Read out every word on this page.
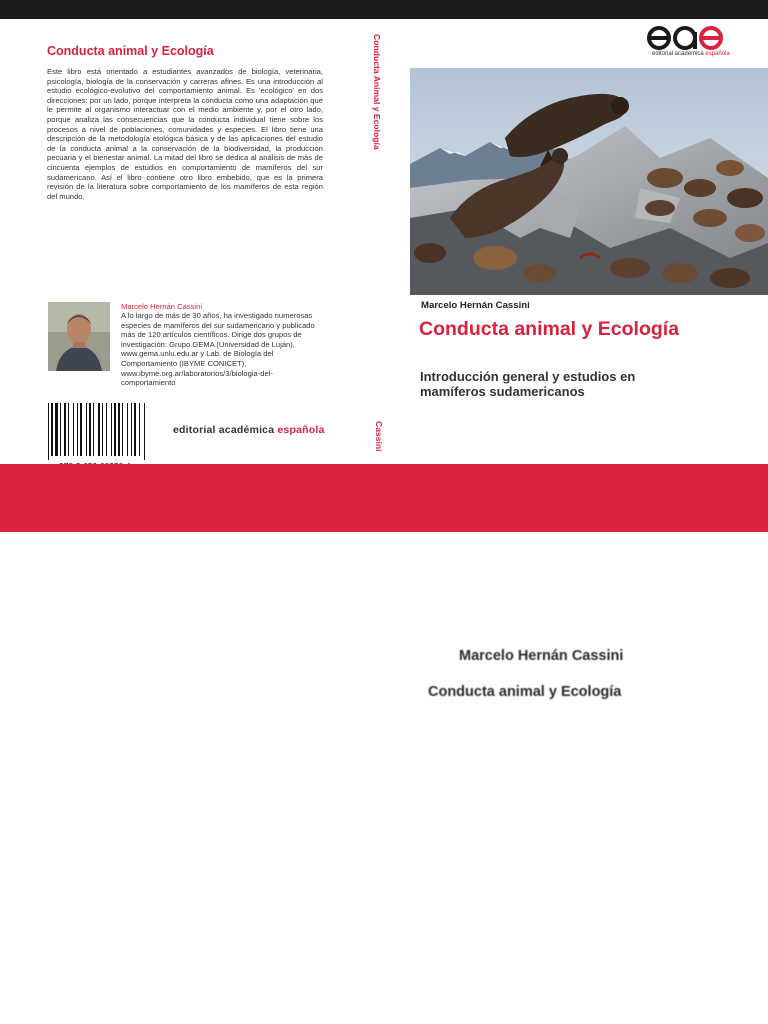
Conducta animal y Ecología

Este libro está orientado a estudiantes avanzados de biología, veterinaria, psicología, biología de la conservación y carreras afines. Es una introducción al estudio ecológico-evolutivo del comportamiento animal. Es 'ecológico' en dos direcciones: por un lado, porque interpreta la conducta como una adaptación que le permite al organismo interactuar con el medio ambiente y, por el otro lado, porque analiza las consecuencias que la conducta individual tiene sobre los procesos a nivel de poblaciones, comunidades y especies. El libro tiene una descripción de la metodología etológica básica y de las aplicaciones del estudio de la conducta animal a la conservación de la biodiversidad, la producción pecuaria y el bienestar animal. La mitad del libro se dedica al análisis de más de cincuenta ejemplos de estudios en comportamiento de mamíferos del sur sudamericano. Así el libro contiene otro libro embebido, que es la primera revisión de la literatura sobre comportamiento de los mamíferos de esta región del mundo.

Marcelo Hernán Cassini

A lo largo de más de 30 años, ha investigado numerosas especies de mamíferos del sur sudamericano y publicado más de 120 artículos científicos. Dirige dos grupos de investigación: Grupo GEMA (Universidad de Luján), www.gema.unlu.edu.ar y Lab. de Biología del Comportamiento (IBYME CONICET), www.ibyme.org.ar/laboratorios/3/biologia-del-comportamiento

editorial académica española
Conducta Animal y Ecología
Cassini
editorial académica española
Marcelo Hernán Cassini
Conducta animal y Ecología
Introducción general y estudios en mamíferos sudamericanos
Marcelo Hernán Cassini
Conducta animal y Ecología
